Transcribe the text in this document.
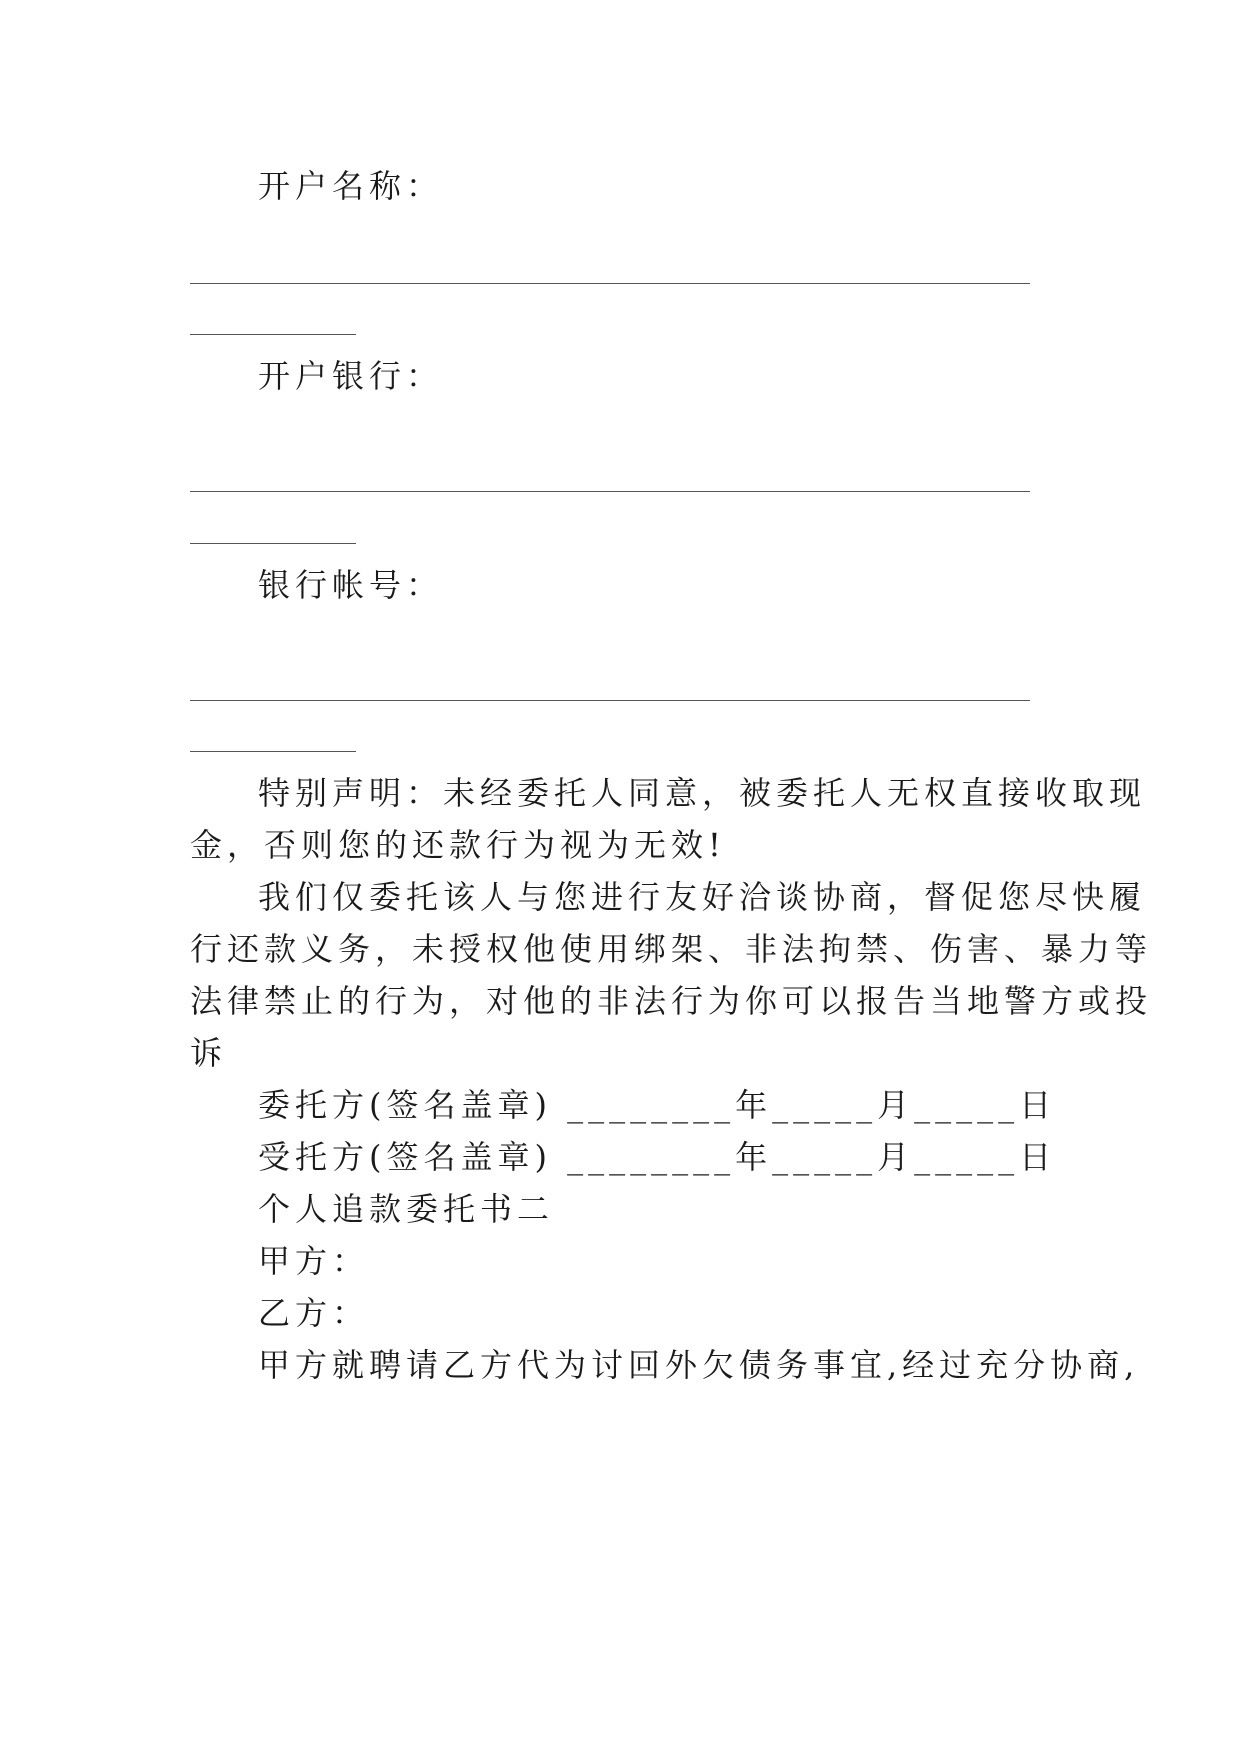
开户名称：
开户银行：
银行帐号：
特别声明：未经委托人同意，被委托人无权直接收取现
金，否则您的还款行为视为无效!
我们仅委托该人与您进行友好洽谈协商，督促您尽快履
行还款义务，未授权他使用绑架、非法拘禁、伤害、暴力等
法律禁止的行为，对他的非法行为你可以报告当地警方或投
诉
委托方(签名盖章) ________年_____月_____日
受托方(签名盖章) ________年_____月_____日
个人追款委托书二
甲方：
乙方：
甲方就聘请乙方代为讨回外欠债务事宜,经过充分协商,
